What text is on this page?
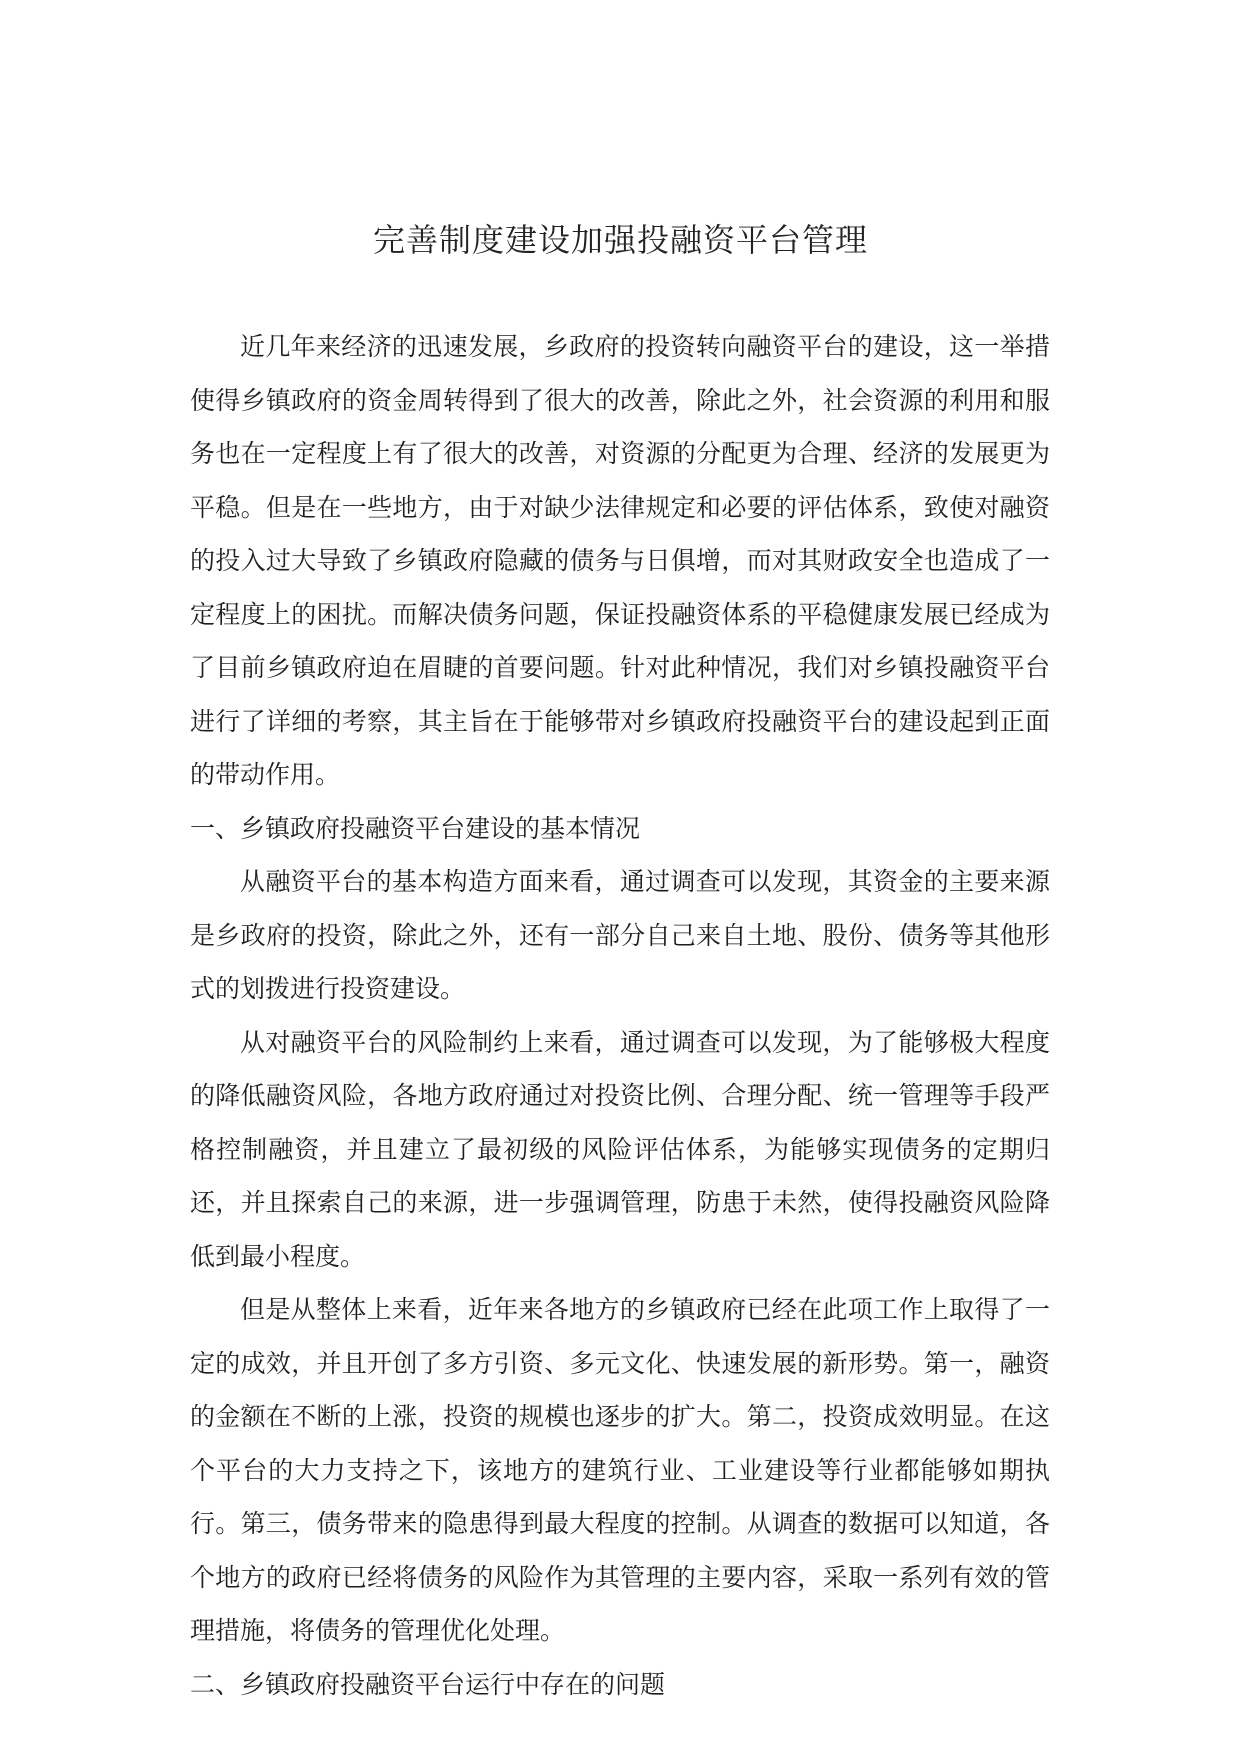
完善制度建设加强投融资平台管理

近几年来经济的迅速发展，乡政府的投资转向融资平台的建设，这一举措使得乡镇政府的资金周转得到了很大的改善，除此之外，社会资源的利用和服务也在一定程度上有了很大的改善，对资源的分配更为合理、经济的发展更为平稳。但是在一些地方，由于对缺少法律规定和必要的评估体系，致使对融资的投入过大导致了乡镇政府隐藏的债务与日俱增，而对其财政安全也造成了一定程度上的困扰。而解决债务问题，保证投融资体系的平稳健康发展已经成为了目前乡镇政府迫在眉睫的首要问题。针对此种情况，我们对乡镇投融资平台进行了详细的考察，其主旨在于能够带对乡镇政府投融资平台的建设起到正面的带动作用。

一、乡镇政府投融资平台建设的基本情况

从融资平台的基本构造方面来看，通过调查可以发现，其资金的主要来源是乡政府的投资，除此之外，还有一部分自己来自土地、股份、债务等其他形式的划拨进行投资建设。

从对融资平台的风险制约上来看，通过调查可以发现，为了能够极大程度的降低融资风险，各地方政府通过对投资比例、合理分配、统一管理等手段严格控制融资，并且建立了最初级的风险评估体系，为能够实现债务的定期归还，并且探索自己的来源，进一步强调管理，防患于未然，使得投融资风险降低到最小程度。

但是从整体上来看，近年来各地方的乡镇政府已经在此项工作上取得了一定的成效，并且开创了多方引资、多元文化、快速发展的新形势。第一，融资的金额在不断的上涨，投资的规模也逐步的扩大。第二，投资成效明显。在这个平台的大力支持之下，该地方的建筑行业、工业建设等行业都能够如期执行。第三，债务带来的隐患得到最大程度的控制。从调查的数据可以知道，各个地方的政府已经将债务的风险作为其管理的主要内容，采取一系列有效的管理措施，将债务的管理优化处理。

二、乡镇政府投融资平台运行中存在的问题
